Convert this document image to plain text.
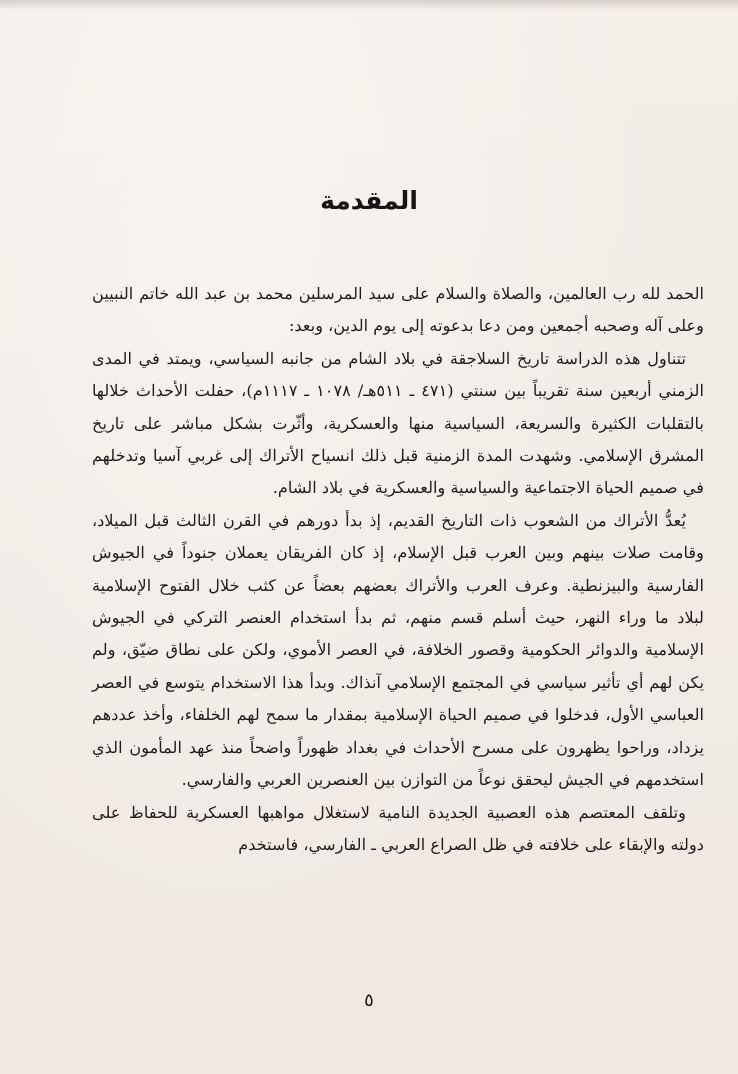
المقدمة

الحمد لله رب العالمين، والصلاة والسلام على سيد المرسلين محمد بن عبد الله خاتم النبيين وعلى آله وصحبه أجمعين ومن دعا بدعوته إلى يوم الدين، وبعد:

تتناول هذه الدراسة تاريخ السلاجقة في بلاد الشام من جانبه السياسي، ويمتد في المدى الزمني أربعين سنة تقريباً بين سنتي (٤٧١ ـ ٥١١هـ/ ١٠٧٨ ـ ١١١٧م)، حفلت الأحداث خلالها بالتقلبات الكثيرة والسريعة، السياسية منها والعسكرية، وأثّرت بشكل مباشر على تاريخ المشرق الإسلامي. وشهدت المدة الزمنية قبل ذلك انسياح الأتراك إلى غربي آسيا وتدخلهم في صميم الحياة الاجتماعية والسياسية والعسكرية في بلاد الشام.

يُعدُّ الأتراك من الشعوب ذات التاريخ القديم، إذ بدأ دورهم في القرن الثالث قبل الميلاد، وقامت صلات بينهم وبين العرب قبل الإسلام، إذ كان الفريقان يعملان جنوداً في الجيوش الفارسية والبيزنطية. وعرف العرب والأتراك بعضهم بعضاً عن كثب خلال الفتوح الإسلامية لبلاد ما وراء النهر، حيث أسلم قسم منهم، ثم بدأ استخدام العنصر التركي في الجيوش الإسلامية والدوائر الحكومية وقصور الخلافة، في العصر الأموي، ولكن على نطاق ضيّق، ولم يكن لهم أي تأثير سياسي في المجتمع الإسلامي آنذاك. وبدأ هذا الاستخدام يتوسع في العصر العباسي الأول، فدخلوا في صميم الحياة الإسلامية بمقدار ما سمح لهم الخلفاء، وأخذ عددهم يزداد، وراحوا يظهرون على مسرح الأحداث في بغداد ظهوراً واضحاً منذ عهد المأمون الذي استخدمهم في الجيش ليحقق نوعاً من التوازن بين العنصرين العربي والفارسي.

وتلقف المعتصم هذه العصبية الجديدة النامية لاستغلال مواهبها العسكرية للحفاظ على دولته والإبقاء على خلافته في ظل الصراع العربي ـ الفارسي، فاستخدم

٥
